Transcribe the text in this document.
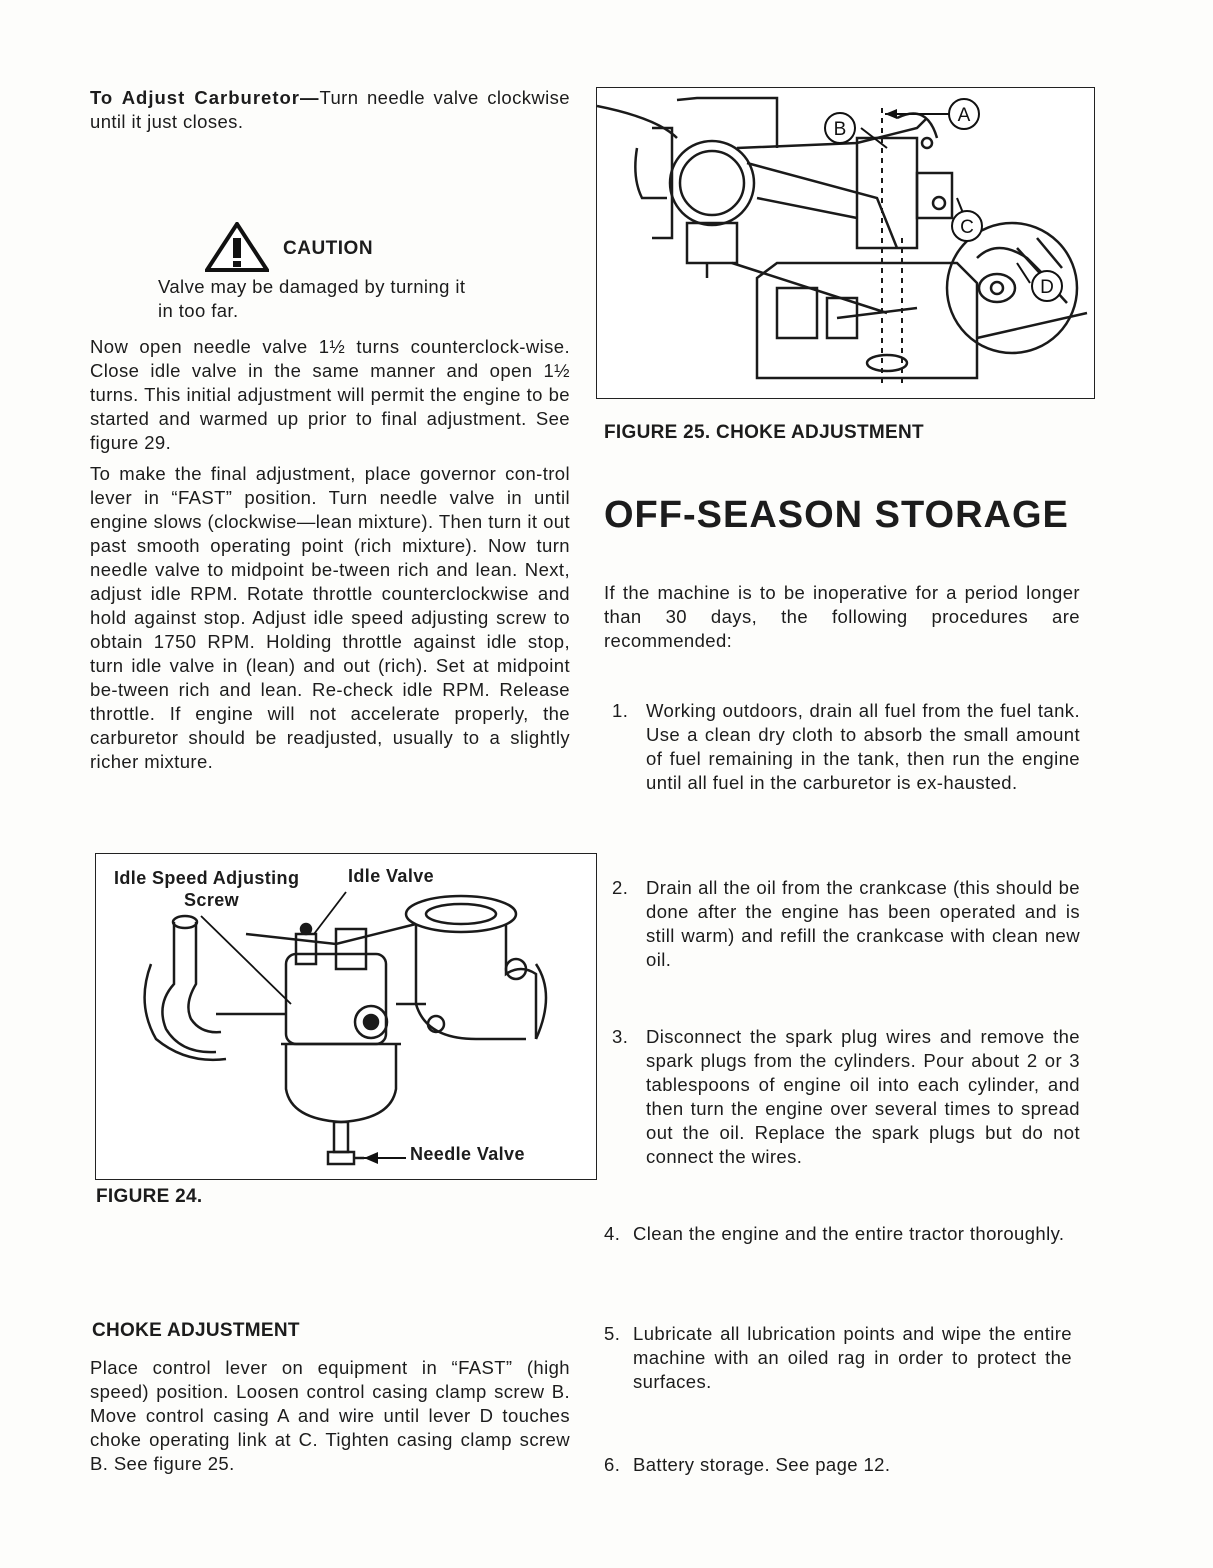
To Adjust Carburetor—Turn needle valve clockwise until it just closes.
CAUTION
Valve may be damaged by turning it
in too far.
Now open needle valve 1½ turns counterclock-wise. Close idle valve in the same manner and open 1½ turns. This initial adjustment will permit the engine to be started and warmed up prior to final adjustment. See figure 29.
To make the final adjustment, place governor con-trol lever in “FAST” position. Turn needle valve in until engine slows (clockwise—lean mixture). Then turn it out past smooth operating point (rich mixture). Now turn needle valve to midpoint be-tween rich and lean. Next, adjust idle RPM. Rotate throttle counterclockwise and hold against stop. Adjust idle speed adjusting screw to obtain 1750 RPM. Holding throttle against idle stop, turn idle valve in (lean) and out (rich). Set at midpoint be-tween rich and lean. Re-check idle RPM. Release throttle. If engine will not accelerate properly, the carburetor should be readjusted, usually to a slightly richer mixture.
Idle Speed Adjusting
Screw
Idle Valve
Needle Valve
FIGURE 24.
CHOKE ADJUSTMENT
Place control lever on equipment in “FAST” (high speed) position. Loosen control casing clamp screw B. Move control casing A and wire until lever D touches choke operating link at C. Tighten casing clamp screw B. See figure 25.
A
B
C
D
FIGURE 25. CHOKE ADJUSTMENT
OFF-SEASON STORAGE
If the machine is to be inoperative for a period longer than 30 days, the following procedures are recommended:
1. Working outdoors, drain all fuel from the fuel tank. Use a clean dry cloth to absorb the small amount of fuel remaining in the tank, then run the engine until all fuel in the carburetor is ex-hausted.
2. Drain all the oil from the crankcase (this should be done after the engine has been operated and is still warm) and refill the crankcase with clean new oil.
3. Disconnect the spark plug wires and remove the spark plugs from the cylinders. Pour about 2 or 3 tablespoons of engine oil into each cylinder, and then turn the engine over several times to spread out the oil. Replace the spark plugs but do not connect the wires.
4. Clean the engine and the entire tractor thoroughly.
5. Lubricate all lubrication points and wipe the entire machine with an oiled rag in order to protect the surfaces.
6. Battery storage. See page 12.
